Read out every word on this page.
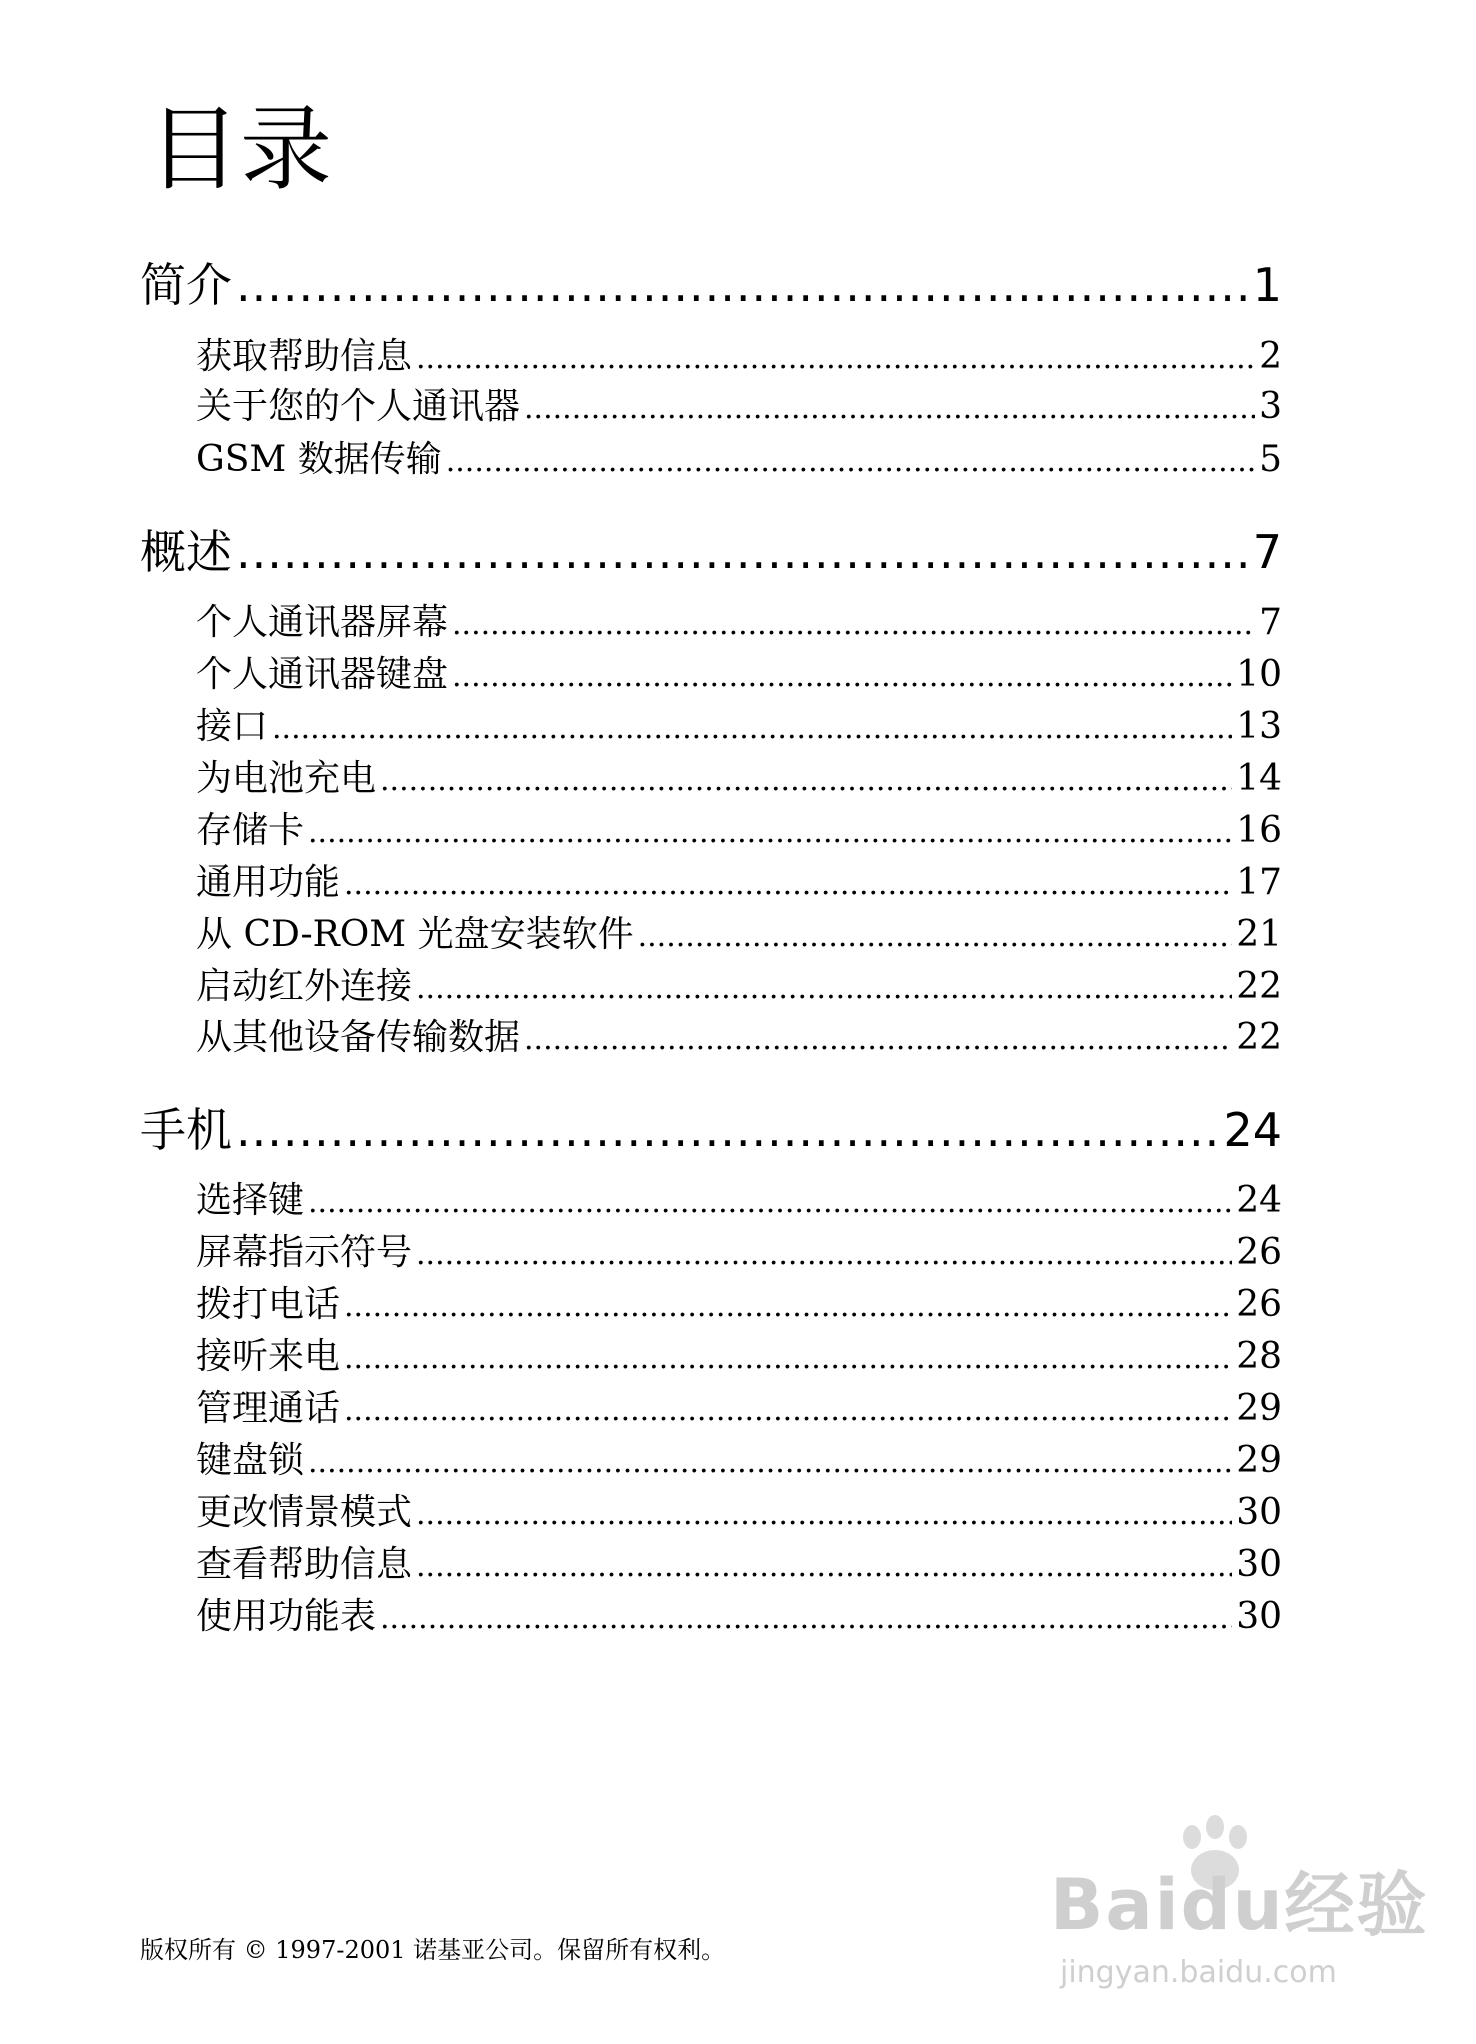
目录
简介 .....	1
获取帮助信息 .....	2
关于您的个人通讯器 .....	3
GSM 数据传输 .....	5
概述 .....	7
个人通讯器屏幕 .....	7
个人通讯器键盘 .....	10
接口 .....	13
为电池充电 .....	14
存储卡 .....	16
通用功能 .....	17
从 CD-ROM 光盘安装软件 .....	21
启动红外连接 .....	22
从其他设备传输数据 .....	22
手机 .....	24
选择键 .....	24
屏幕指示符号 .....	26
拨打电话 .....	26
接听来电 .....	28
管理通话 .....	29
键盘锁 .....	29
更改情景模式 .....	30
查看帮助信息 .....	30
使用功能表 .....	30
版权所有 © 1997-2001 诺基亚公司。保留所有权利。
Baidu经验
jingyan.baidu.com
